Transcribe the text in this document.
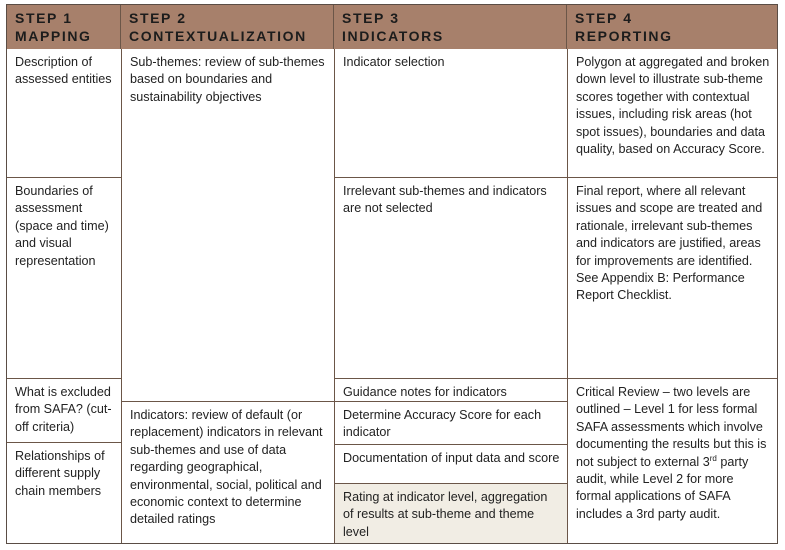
STEP 1
MAPPING
STEP 2
CONTEXTUALIZATION
STEP 3
INDICATORS
STEP 4
REPORTING
Description of assessed entities
Boundaries of assessment (space and time) and visual representation
What is excluded from SAFA? (cut-off criteria)
Relationships of different supply chain members
Sub-themes: review of sub-themes based on boundaries and sustainability objectives
Indicators: review of default (or replacement) indicators in relevant sub-themes and use of data regarding geographical, environmental, social, political and economic context to determine detailed ratings
Indicator selection
Irrelevant sub-themes and indicators are not selected
Guidance notes for indicators
Determine Accuracy Score for each indicator
Documentation of input data and score
Rating at indicator level, aggregation of results at sub-theme and theme level
Polygon at aggregated and broken down level to illustrate sub-theme scores together with contextual issues, including risk areas (hot spot issues), boundaries and data quality, based on Accuracy Score.
Final report, where all relevant issues and scope are treated and rationale, irrelevant sub-themes and indicators are justified, areas for improvements are identified. See Appendix B: Performance Report Checklist.
Critical Review – two levels are outlined – Level 1 for less formal SAFA assessments which involve documenting the results but this is not subject to external 3rd party audit, while Level 2 for more formal applications of SAFA includes a 3rd party audit.
